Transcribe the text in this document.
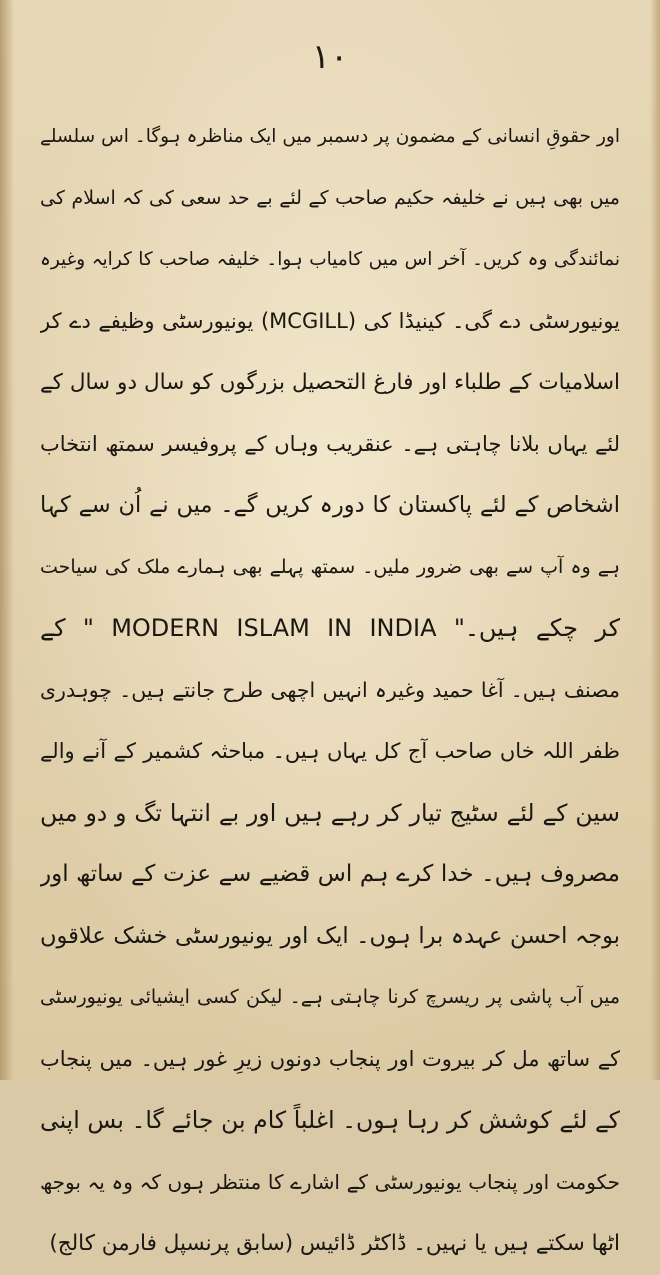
۱۰
اور حقوقِ انسانی کے مضمون پر دسمبر میں ایک مناظرہ ہوگا۔ اس سلسلے
میں بھی ہیں نے خلیفہ حکیم صاحب کے لئے بے حد سعی کی کہ اسلام کی
نمائندگی وہ کریں۔ آخر اس میں کامیاب ہوا۔ خلیفہ صاحب کا کرایہ وغیرہ
یونیورسٹی دے گی۔ کینیڈا کی (MCGILL) یونیورسٹی وظیفے دے کر
اسلامیات کے طلباء اور فارغ التحصیل بزرگوں کو سال دو سال کے
لئے یہاں بلانا چاہتی ہے۔ عنقریب وہاں کے پروفیسر سمتھ انتخاب
اشخاص کے لئے پاکستان کا دورہ کریں گے۔ میں نے اُن سے کہا
ہے وہ آپ سے بھی ضرور ملیں۔ سمتھ پہلے بھی ہمارے ملک کی سیاحت
کر چکے ہیں۔" MODERN ISLAM IN INDIA " کے
مصنف ہیں۔ آغا حمید وغیرہ انہیں اچھی طرح جانتے ہیں۔ چوہدری
ظفر اللہ خاں صاحب آج کل یہاں ہیں۔ مباحثہ کشمیر کے آنے والے
سین کے لئے سٹیج تیار کر رہے ہیں اور بے انتہا تگ و دو میں
مصروف ہیں۔ خدا کرے ہم اس قضیے سے عزت کے ساتھ اور
بوجہ احسن عہدہ برا ہوں۔ ایک اور یونیورسٹی خشک علاقوں
میں آب پاشی پر ریسرچ کرنا چاہتی ہے۔ لیکن کسی ایشیائی یونیورسٹی
کے ساتھ مل کر بیروت اور پنجاب دونوں زیرِ غور ہیں۔ میں پنجاب
کے لئے کوشش کر رہا ہوں۔ اغلباً کام بن جائے گا۔ بس اپنی
حکومت اور پنجاب یونیورسٹی کے اشارے کا منتظر ہوں کہ وہ یہ بوجھ
اٹھا سکتے ہیں یا نہیں۔ ڈاکٹر ڈائیس (سابق پرنسپل فارمن کالج)
